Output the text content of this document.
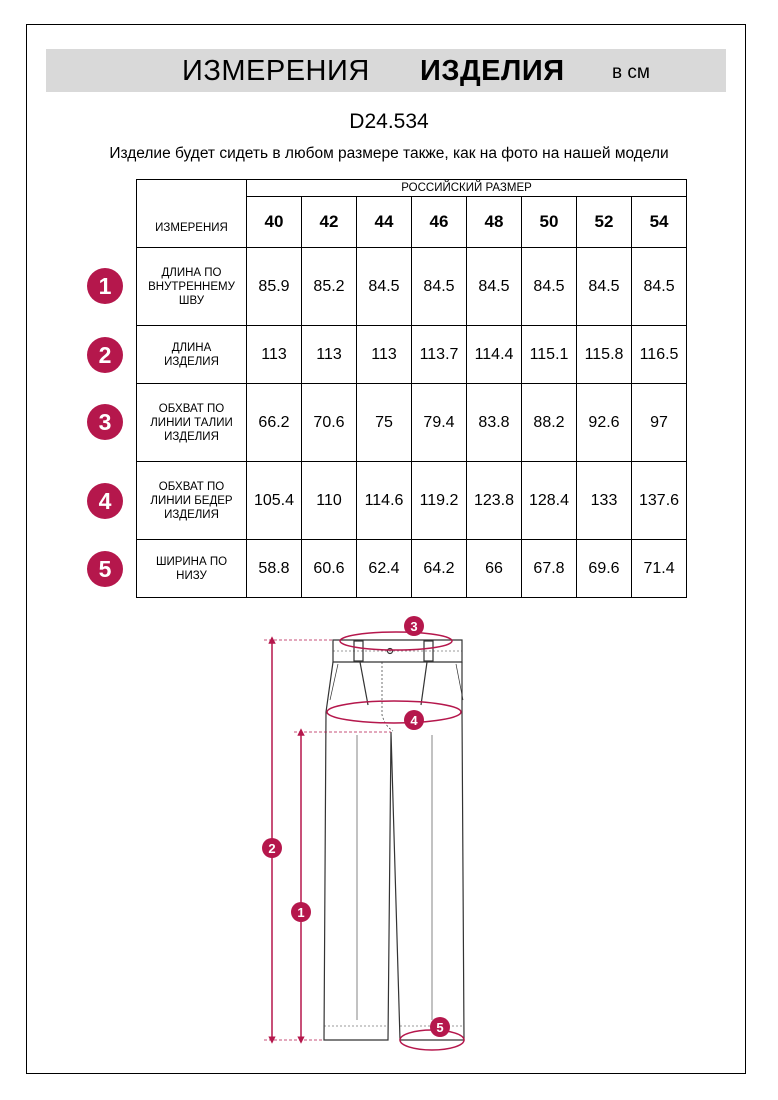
ИЗМЕРЕНИЯ ИЗДЕЛИЯ в см
D24.534
Изделие будет сидеть в любом размере также, как на фото на нашей модели
ИЗМЕРЕНИЯ	РОССИЙСКИЙ РАЗМЕР							
	40	42	44	46	48	50	52	54

ДЛИНА ПО
ВНУТРЕННЕМУ
ШВУ	85.9	85.2	84.5	84.5	84.5	84.5	84.5	84.5

ДЛИНА
ИЗДЕЛИЯ	113	113	113	113.7	114.4	115.1	115.8	116.5

ОБХВАТ ПО
ЛИНИИ ТАЛИИ
ИЗДЕЛИЯ	66.2	70.6	75	79.4	83.8	88.2	92.6	97

ОБХВАТ ПО
ЛИНИИ БЕДЕР
ИЗДЕЛИЯ	105.4	110	114.6	119.2	123.8	128.4	133	137.6

ШИРИНА ПО
НИЗУ	58.8	60.6	62.4	64.2	66	67.8	69.6	71.4
1
2
3
4
5
3
4
2
1
5
